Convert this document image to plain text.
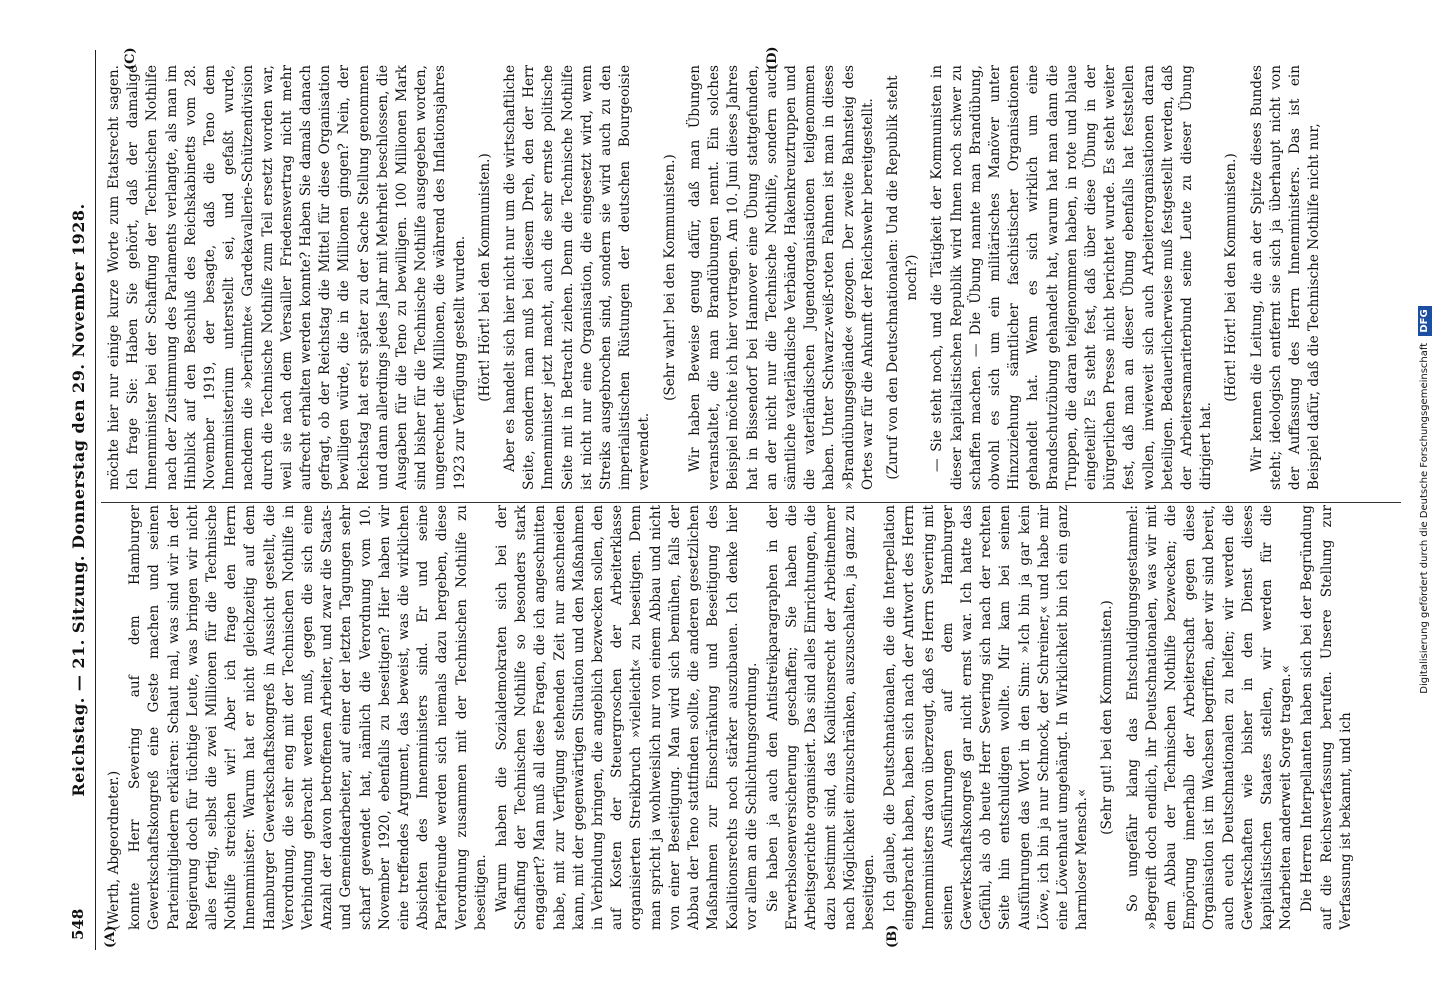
548
Reichstag. — 21. Sitzung. Donnerstag den 29. November 1928.
(A)	(B)
(C)	(D)

(Werth, Abgeordneter.) konnte Herr Severing auf dem Hamburger Gewerkschaftskongreß eine Geste machen und seinen Parteimitgliedern erklären: Schaut mal, was sind wir in der Regierung doch für tüchtige Leute, was bringen wir nicht alles fertig, selbst die zwei Millionen für die Technische Nothilfe streichen wir! Aber ich frage den Herrn Innenminister: Warum hat er nicht gleichzeitig auf dem Hamburger Gewerkschaftskongreß in Aussicht gestellt, die Verordnung, die sehr eng mit der Technischen Nothilfe in Verbindung gebracht werden muß, gegen die sich eine Anzahl der davon betroffenen Arbeiter, und zwar die Staats- und Gemeindearbeiter, auf einer der letzten Tagungen sehr scharf gewendet hat, nämlich die Verordnung vom 10. November 1920, ebenfalls zu beseitigen? Hier haben wir eine treffendes Argument, das beweist, was die wirklichen Absichten des Innenministers sind. Er und seine Parteifreunde werden sich niemals dazu hergeben, diese Verordnung zusammen mit der Technischen Nothilfe zu beseitigen. Warum haben die Sozialdemokraten sich bei der Schaffung der Technischen Nothilfe so besonders stark engagiert? Man muß all diese Fragen, die ich angeschnitten habe, mit zur Verfügung stehenden Zeit nur anschneiden kann, mit der gegenwärtigen Situation und den Maßnahmen in Verbindung bringen, die angeblich bezwecken sollen, den auf Kosten der Steuergroschen der Arbeiterklasse organisierten Streikbruch »vielleicht« zu beseitigen. Denn man spricht ja wohlweislich nur von einem Abbau und nicht von einer Beseitigung. Man wird sich bemühen, falls der Abbau der Teno stattfinden sollte, die anderen gesetzlichen Maßnahmen zur Einschränkung und Beseitigung des Koalitionsrechts noch stärker auszubauen. Ich denke hier vor allem an die Schlichtungsordnung. Sie haben ja auch den Antistreikparagraphen in der Erwerbslosenversicherung geschaffen; Sie haben die Arbeitsgerichte organisiert. Das sind alles Einrichtungen, die dazu bestimmt sind, das Koalitionsrecht der Arbeitnehmer nach Möglichkeit einzuschränken, auszuschalten, ja ganz zu beseitigen. Ich glaube, die Deutschnationalen, die die Interpellation eingebracht haben, haben sich nach der Antwort des Herrn Innenministers davon überzeugt, daß es Herrn Severing mit seinen Ausführungen auf dem Hamburger Gewerkschaftskongreß gar nicht ernst war. Ich hatte das Gefühl, als ob heute Herr Severing sich nach der rechten Seite hin entschuldigen wollte. Mir kam bei seinen Ausführungen das Wort in den Sinn: »Ich bin ja gar kein Löwe, ich bin ja nur Schnock, der Schreiner,« und habe mir eine Löwenhaut umgehängt. In Wirklichkeit bin ich ein ganz harmloser Mensch.«

(Sehr gut! bei den Kommunisten.) So ungefähr klang das Entschuldigungsgestammel: »Begreift doch endlich, ihr Deutschnationalen, was wir mit dem Abbau der Technischen Nothilfe bezwecken; die Empörung innerhalb der Arbeiterschaft gegen diese Organisation ist im Wachsen begriffen, aber wir sind bereit, auch euch Deutschnationalen zu helfen; wir werden die Gewerkschaften wie bisher in den Dienst dieses kapitalistischen Staates stellen, wir werden für die Notarbeiten anderweit Sorge tragen.« Die Herren Interpellanten haben sich bei der Begründung auf die Reichsverfassung berufen. Unsere Stellung zur Verfassung ist bekannt, und ich

möchte hier nur einige kurze Worte zum Etatsrecht sagen. Ich frage Sie: Haben Sie gehört, daß der damalige Innenminister bei der Schaffung der Technischen Nothilfe nach der Zustimmung des Parlaments verlangte, als man im Hinblick auf den Beschluß des Reichskabinetts vom 28. November 1919, der besagte, daß die Teno dem Innenministerium unterstellt sei, und gefaßt wurde, nachdem die »berühmte« Gardekavallerie-Schützendivision durch die Technische Nothilfe zum Teil ersetzt worden war, weil sie nach dem Versailler Friedensvertrag nicht mehr aufrecht erhalten werden konnte? Haben Sie damals danach gefragt, ob der Reichstag die Mittel für diese Organisation bewilligen würde, die in die Millionen gingen? Nein, der Reichstag hat erst später zu der Sache Stellung genommen und dann allerdings jedes Jahr mit Mehrheit beschlossen, die Ausgaben für die Teno zu bewilligen. 100 Millionen Mark sind bisher für die Technische Nothilfe ausgegeben worden, ungerechnet die Millionen, die während des Inflationsjahres 1923 zur Verfügung gestellt wurden. (Hört! Hört! bei den Kommunisten.) Aber es handelt sich hier nicht nur um die wirtschaftliche Seite, sondern man muß bei diesem Dreh, den der Herr Innenminister jetzt macht, auch die sehr ernste politische Seite mit in Betracht ziehen. Denn die Technische Nothilfe ist nicht nur eine Organisation, die eingesetzt wird, wenn Streiks ausgebrochen sind, sondern sie wird auch zu den imperialistischen Rüstungen der deutschen Bourgeoisie verwendet.

(Sehr wahr! bei den Kommunisten.) Wir haben Beweise genug dafür, daß man Übungen veranstaltet, die man Brandübungen nennt. Ein solches Beispiel möchte ich hier vortragen. Am 10. Juni dieses Jahres hat in Bissendorf bei Hannover eine Übung stattgefunden, an der nicht nur die Technische Nothilfe, sondern auch sämtliche vaterländische Verbände, Hakenkreuztruppen und die vaterländischen Jugendorganisationen teilgenommen haben. Unter Schwarz-weiß-roten Fahnen ist man in dieses »Brandübungsgelände« gezogen. Der zweite Bahnsteig des Ortes war für die Ankunft der Reichswehr bereitgestellt. (Zuruf von den Deutschnationalen: Und die Republik steht noch?) — Sie steht noch, und die Tätigkeit der Kommunisten in dieser kapitalistischen Republik wird Ihnen noch schwer zu schaffen machen. — Die Übung nannte man Brandübung, obwohl es sich um ein militärisches Manöver unter Hinzuziehung sämtlicher faschistischer Organisationen gehandelt hat. Wenn es sich wirklich um eine Brandschutzübung gehandelt hat, warum hat man dann die Truppen, die daran teilgenommen haben, in rote und blaue eingeteilt? Es steht fest, daß über diese Übung in der bürgerlichen Presse nicht berichtet wurde. Es steht weiter fest, daß man an dieser Übung ebenfalls hat feststellen wollen, inwieweit sich auch Arbeiterorganisationen daran beteiligen. Bedauerlicherweise muß festgestellt werden, daß der Arbeitersamariterbund seine Leute zu dieser Übung dirigiert hat.

(Hört! Hört! bei den Kommunisten.) Wir kennen die Leitung, die an der Spitze dieses Bundes steht; ideologisch entfernt sie sich ja überhaupt nicht von der Auffassung des Herrn Innenministers. Das ist ein Beispiel dafür, daß die Technische Nothilfe nicht nur,

Digitalisierung gefördert durch die Deutsche Forschungsgemeinschaft DFG
